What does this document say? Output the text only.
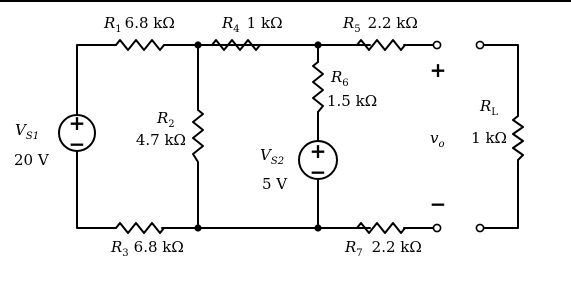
+
−	+
−
$R_1$ 6.8 kΩ	$R_4$ 1 kΩ	$R_5$ 2.2 kΩ
$R_3$ 6.8 kΩ	$R_7$ 2.2 kΩ
$R_2$
4.7 kΩ
$R_6$
1.5 kΩ	$R_L$
1 kΩ
$V_{S1}$
20 V	$V_{S2}$
5 V
+
$v_o$
−
